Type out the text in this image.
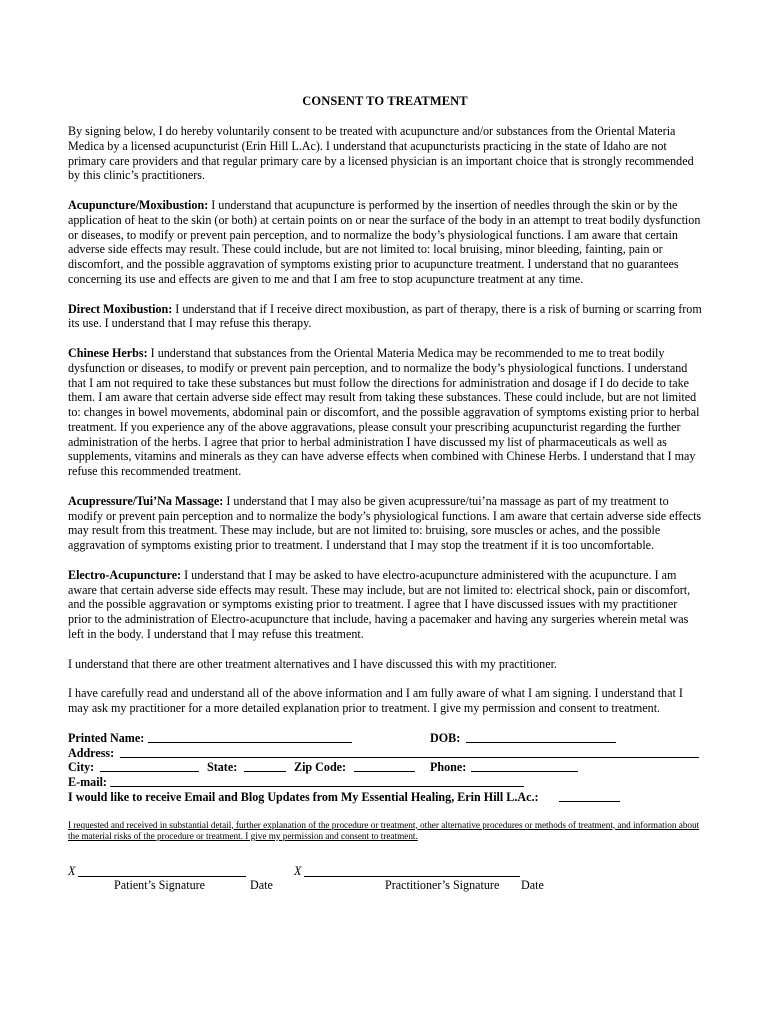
CONSENT TO TREATMENT

By signing below, I do hereby voluntarily consent to be treated with acupuncture and/or substances from the Oriental Materia Medica by a licensed acupuncturist (Erin Hill L.Ac). I understand that acupuncturists practicing in the state of Idaho are not primary care providers and that regular primary care by a licensed physician is an important choice that is strongly recommended by this clinic’s practitioners.

Acupuncture/Moxibustion: I understand that acupuncture is performed by the insertion of needles through the skin or by the application of heat to the skin (or both) at certain points on or near the surface of the body in an attempt to treat bodily dysfunction or diseases, to modify or prevent pain perception, and to normalize the body’s physiological functions. I am aware that certain adverse side effects may result. These could include, but are not limited to: local bruising, minor bleeding, fainting, pain or discomfort, and the possible aggravation of symptoms existing prior to acupuncture treatment. I understand that no guarantees concerning its use and effects are given to me and that I am free to stop acupuncture treatment at any time.

Direct Moxibustion: I understand that if I receive direct moxibustion, as part of therapy, there is a risk of burning or scarring from its use. I understand that I may refuse this therapy.

Chinese Herbs: I understand that substances from the Oriental Materia Medica may be recommended to me to treat bodily dysfunction or diseases, to modify or prevent pain perception, and to normalize the body’s physiological functions. I understand that I am not required to take these substances but must follow the directions for administration and dosage if I do decide to take them. I am aware that certain adverse side effect may result from taking these substances. These could include, but are not limited to: changes in bowel movements, abdominal pain or discomfort, and the possible aggravation of symptoms existing prior to herbal treatment. If you experience any of the above aggravations, please consult your prescribing acupuncturist regarding the further administration of the herbs. I agree that prior to herbal administration I have discussed my list of pharmaceuticals as well as supplements, vitamins and minerals as they can have adverse effects when combined with Chinese Herbs. I understand that I may refuse this recommended treatment.

Acupressure/Tui’Na Massage: I understand that I may also be given acupressure/tui’na massage as part of my treatment to modify or prevent pain perception and to normalize the body’s physiological functions. I am aware that certain adverse side effects may result from this treatment. These may include, but are not limited to: bruising, sore muscles or aches, and the possible aggravation of symptoms existing prior to treatment. I understand that I may stop the treatment if it is too uncomfortable.

Electro-Acupuncture: I understand that I may be asked to have electro-acupuncture administered with the acupuncture. I am aware that certain adverse side effects may result. These may include, but are not limited to: electrical shock, pain or discomfort, and the possible aggravation or symptoms existing prior to treatment. I agree that I have discussed issues with my practitioner prior to the administration of Electro-acupuncture that include, having a pacemaker and having any surgeries wherein metal was left in the body. I understand that I may refuse this treatment.

I understand that there are other treatment alternatives and I have discussed this with my practitioner.

I have carefully read and understand all of the above information and I am fully aware of what I am signing. I understand that I may ask my practitioner for a more detailed explanation prior to treatment. I give my permission and consent to treatment.

Printed Name:	DOB:
Address:
City:	State:	Zip Code:	Phone:
E-mail:
I would like to receive Email and Blog Updates from My Essential Healing, Erin Hill L.Ac.:

I requested and received in substantial detail, further explanation of the procedure or treatment, other alternative procedures or methods of treatment, and information about the material risks of the procedure or treatment. I give my permission and consent to treatment.

X
Patient’s Signature	Date
X
Practitioner’s Signature Date
